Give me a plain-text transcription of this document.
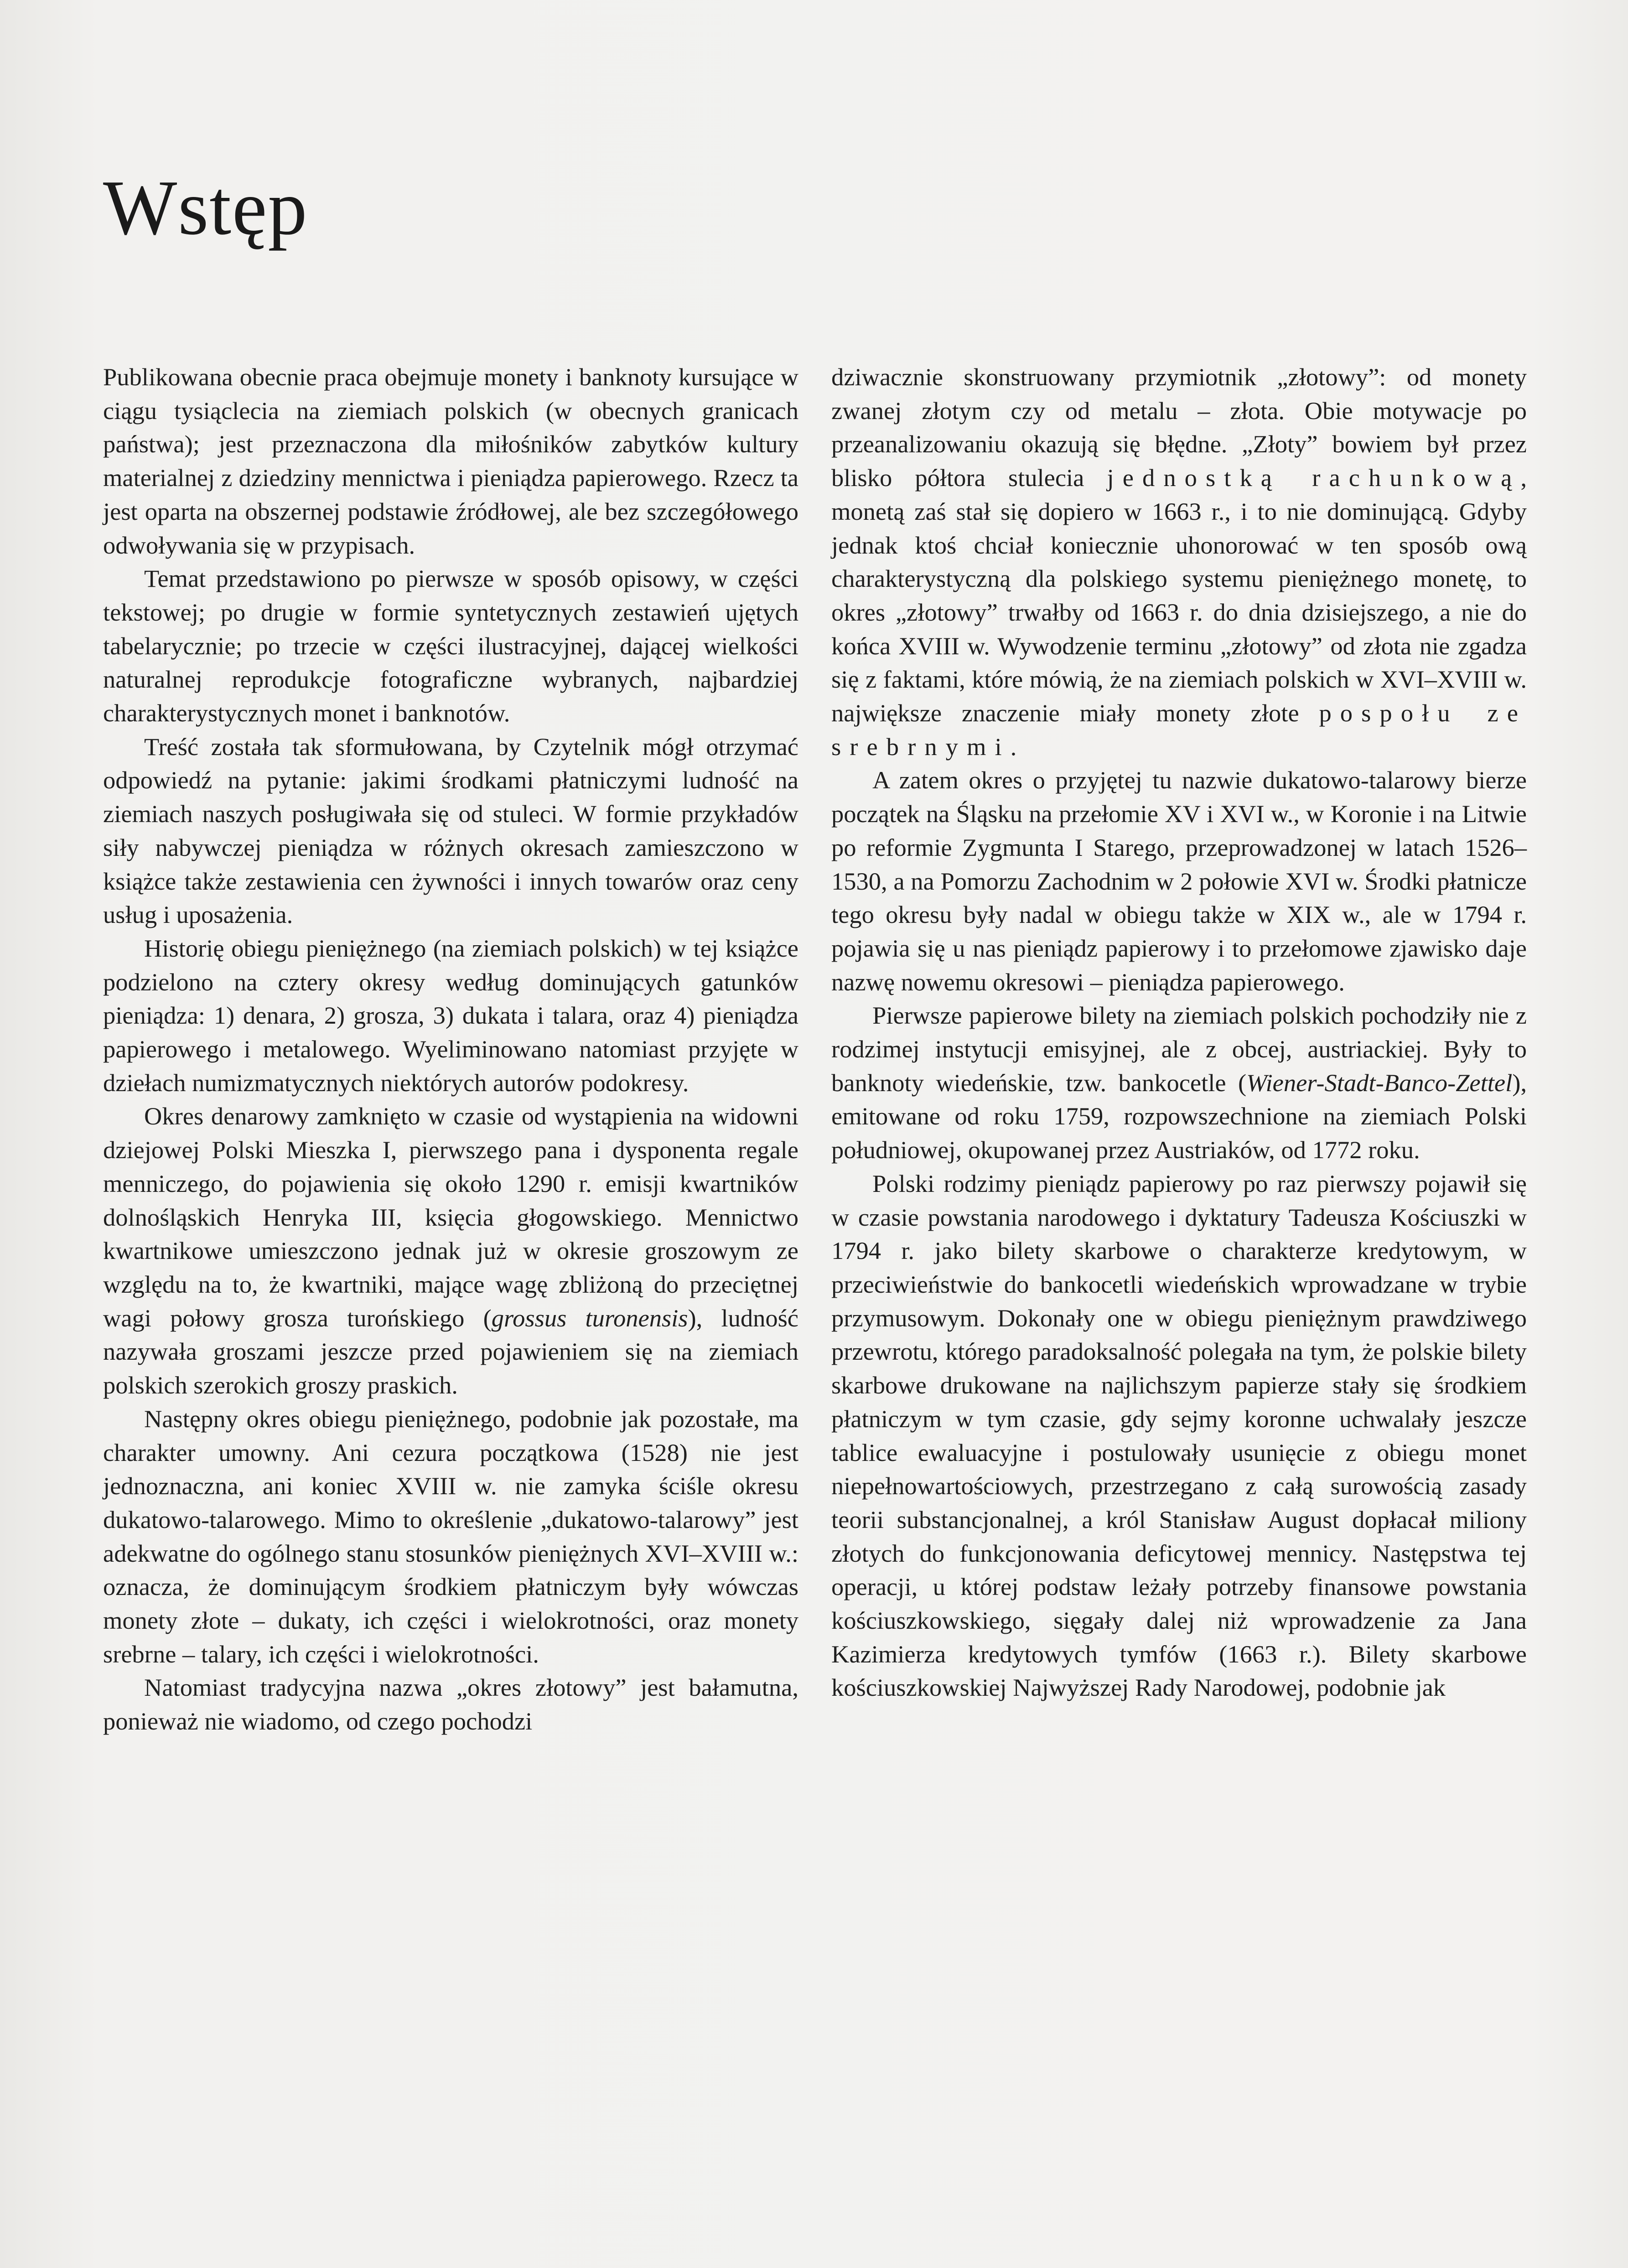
Wstęp

Publikowana obecnie praca obejmuje monety i banknoty kursujące w ciągu tysiąclecia na ziemiach polskich (w obecnych granicach państwa); jest przeznaczona dla miłośników zabytków kultury materialnej z dziedziny mennictwa i pieniądza papierowego. Rzecz ta jest oparta na obszernej podstawie źródłowej, ale bez szczegółowego odwoływania się w przypisach.

Temat przedstawiono po pierwsze w sposób opisowy, w części tekstowej; po drugie w formie syntetycznych zestawień ujętych tabelarycznie; po trzecie w części ilustracyjnej, dającej wielkości naturalnej reprodukcje fotograficzne wybranych, najbardziej charakterystycznych monet i banknotów.

Treść została tak sformułowana, by Czytelnik mógł otrzymać odpowiedź na pytanie: jakimi środkami płatniczymi ludność na ziemiach naszych posługiwała się od stuleci. W formie przykładów siły nabywczej pieniądza w różnych okresach zamieszczono w książce także zestawienia cen żywności i innych towarów oraz ceny usług i uposażenia.

Historię obiegu pieniężnego (na ziemiach polskich) w tej książce podzielono na cztery okresy według dominujących gatunków pieniądza: 1) denara, 2) grosza, 3) dukata i talara, oraz 4) pieniądza papierowego i metalowego. Wyeliminowano natomiast przyjęte w dziełach numizmatycznych niektórych autorów podokresy.

Okres denarowy zamknięto w czasie od wystąpienia na widowni dziejowej Polski Mieszka I, pierwszego pana i dysponenta regale menniczego, do pojawienia się około 1290 r. emisji kwartników dolnośląskich Henryka III, księcia głogowskiego. Mennictwo kwartnikowe umieszczono jednak już w okresie groszowym ze względu na to, że kwartniki, mające wagę zbliżoną do przeciętnej wagi połowy grosza turońskiego (grossus turonensis), ludność nazywała groszami jeszcze przed pojawieniem się na ziemiach polskich szerokich groszy praskich.

Następny okres obiegu pieniężnego, podobnie jak pozostałe, ma charakter umowny. Ani cezura początkowa (1528) nie jest jednoznaczna, ani koniec XVIII w. nie zamyka ściśle okresu dukatowo-talarowego. Mimo to określenie „dukatowo-talarowy” jest adekwatne do ogólnego stanu stosunków pieniężnych XVI–XVIII w.: oznacza, że dominującym środkiem płatniczym były wówczas monety złote – dukaty, ich części i wielokrotności, oraz monety srebrne – talary, ich części i wielokrotności.

Natomiast tradycyjna nazwa „okres złotowy” jest bałamutna, ponieważ nie wiadomo, od czego pochodzi

dziwacznie skonstruowany przymiotnik „złotowy”: od monety zwanej złotym czy od metalu – złota. Obie motywacje po przeanalizowaniu okazują się błędne. „Złoty” bowiem był przez blisko półtora stulecia jednostką rachunkową, monetą zaś stał się dopiero w 1663 r., i to nie dominującą. Gdyby jednak ktoś chciał koniecznie uhonorować w ten sposób ową charakterystyczną dla polskiego systemu pieniężnego monetę, to okres „złotowy” trwałby od 1663 r. do dnia dzisiejszego, a nie do końca XVIII w. Wywodzenie terminu „złotowy” od złota nie zgadza się z faktami, które mówią, że na ziemiach polskich w XVI–XVIII w. największe znaczenie miały monety złote pospołu ze srebrnymi.

A zatem okres o przyjętej tu nazwie dukatowo-talarowy bierze początek na Śląsku na przełomie XV i XVI w., w Koronie i na Litwie po reformie Zygmunta I Starego, przeprowadzonej w latach 1526–1530, a na Pomorzu Zachodnim w 2 połowie XVI w. Środki płatnicze tego okresu były nadal w obiegu także w XIX w., ale w 1794 r. pojawia się u nas pieniądz papierowy i to przełomowe zjawisko daje nazwę nowemu okresowi – pieniądza papierowego.

Pierwsze papierowe bilety na ziemiach polskich pochodziły nie z rodzimej instytucji emisyjnej, ale z obcej, austriackiej. Były to banknoty wiedeńskie, tzw. bankocetle (Wiener-Stadt-Banco-Zettel), emitowane od roku 1759, rozpowszechnione na ziemiach Polski południowej, okupowanej przez Austriaków, od 1772 roku.

Polski rodzimy pieniądz papierowy po raz pierwszy pojawił się w czasie powstania narodowego i dyktatury Tadeusza Kościuszki w 1794 r. jako bilety skarbowe o charakterze kredytowym, w przeciwieństwie do bankocetli wiedeńskich wprowadzane w trybie przymusowym. Dokonały one w obiegu pieniężnym prawdziwego przewrotu, którego paradoksalność polegała na tym, że polskie bilety skarbowe drukowane na najlichszym papierze stały się środkiem płatniczym w tym czasie, gdy sejmy koronne uchwalały jeszcze tablice ewaluacyjne i postulowały usunięcie z obiegu monet niepełnowartościowych, przestrzegano z całą surowością zasady teorii substancjonalnej, a król Stanisław August dopłacał miliony złotych do funkcjonowania deficytowej mennicy. Następstwa tej operacji, u której podstaw leżały potrzeby finansowe powstania kościuszkowskiego, sięgały dalej niż wprowadzenie za Jana Kazimierza kredytowych tymfów (1663 r.). Bilety skarbowe kościuszkowskiej Najwyższej Rady Narodowej, podobnie jak
